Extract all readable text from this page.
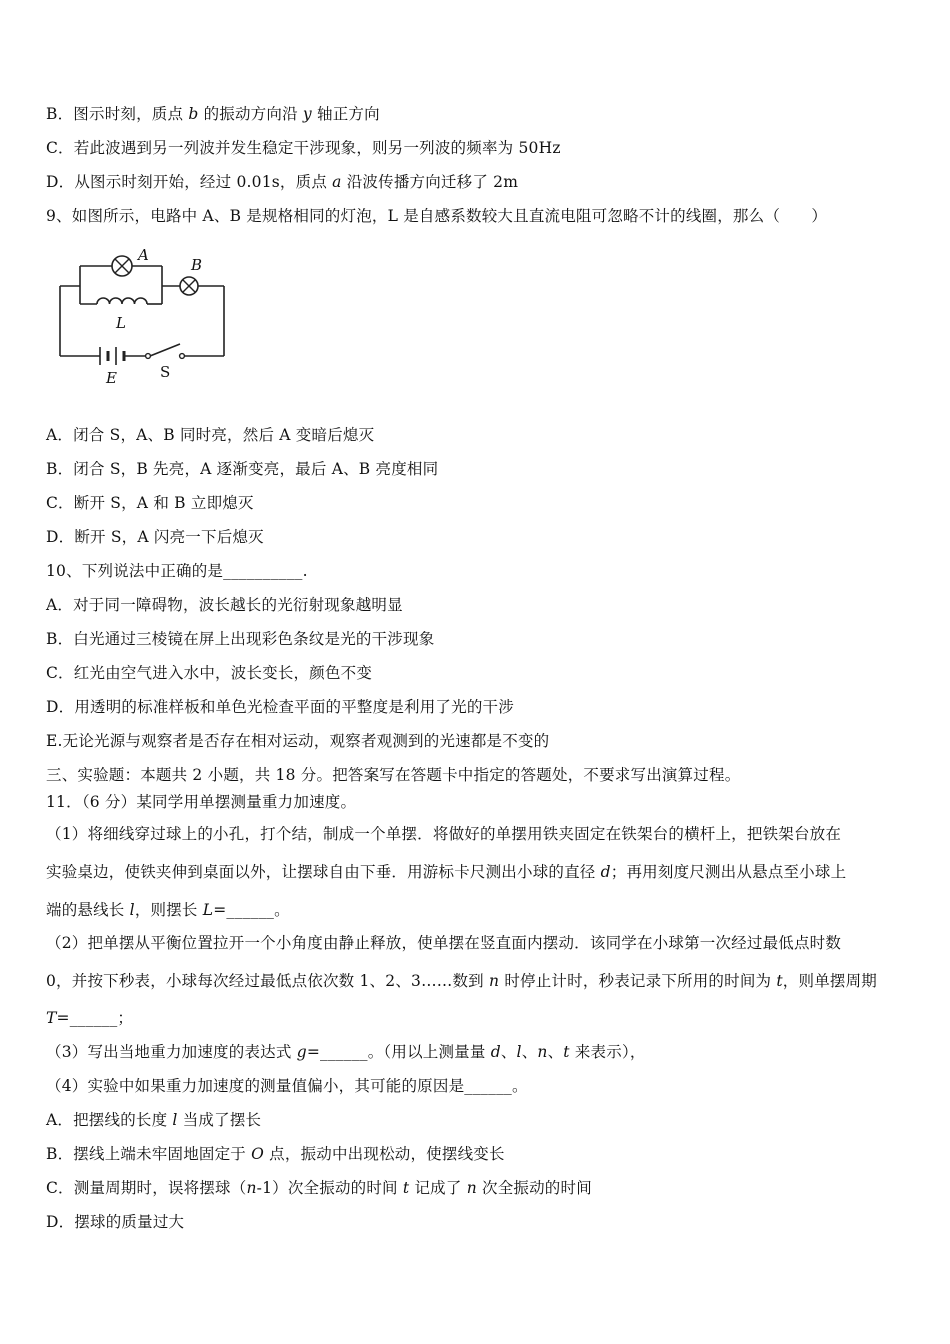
B．图示时刻，质点 b 的振动方向沿 y 轴正方向
C．若此波遇到另一列波并发生稳定干涉现象，则另一列波的频率为 50Hz
D．从图示时刻开始，经过 0.01s，质点 a 沿波传播方向迁移了 2m
9、如图所示，电路中 A、B 是规格相同的灯泡，L 是自感系数较大且直流电阻可忽略不计的线圈，那么（　　）
A
B
L
E	S
A．闭合 S，A、B 同时亮，然后 A 变暗后熄灭
B．闭合 S，B 先亮，A 逐渐变亮，最后 A、B 亮度相同
C．断开 S，A 和 B 立即熄灭
D．断开 S，A 闪亮一下后熄灭
10、下列说法中正确的是__________.
A．对于同一障碍物，波长越长的光衍射现象越明显
B．白光通过三棱镜在屏上出现彩色条纹是光的干涉现象
C．红光由空气进入水中，波长变长，颜色不变
D．用透明的标准样板和单色光检查平面的平整度是利用了光的干涉
E.无论光源与观察者是否存在相对运动，观察者观测到的光速都是不变的
三、实验题：本题共 2 小题，共 18 分。把答案写在答题卡中指定的答题处，不要求写出演算过程。
11．（6 分）某同学用单摆测量重力加速度。
（1）将细线穿过球上的小孔，打个结，制成一个单摆．将做好的单摆用铁夹固定在铁架台的横杆上，把铁架台放在
实验桌边，使铁夹伸到桌面以外，让摆球自由下垂．用游标卡尺测出小球的直径 d；再用刻度尺测出从悬点至小球上
端的悬线长 l，则摆长 L=______。
（2）把单摆从平衡位置拉开一个小角度由静止释放，使单摆在竖直面内摆动．该同学在小球第一次经过最低点时数
0，并按下秒表，小球每次经过最低点依次数 1、2、3……数到 n 时停止计时，秒表记录下所用的时间为 t，则单摆周期
T=______；
（3）写出当地重力加速度的表达式 g=______。（用以上测量量 d、l、n、t 来表示），
（4）实验中如果重力加速度的测量值偏小，其可能的原因是______。
A．把摆线的长度 l 当成了摆长
B．摆线上端未牢固地固定于 O 点，振动中出现松动，使摆线变长
C．测量周期时，误将摆球（n-1）次全振动的时间 t 记成了 n 次全振动的时间
D．摆球的质量过大
